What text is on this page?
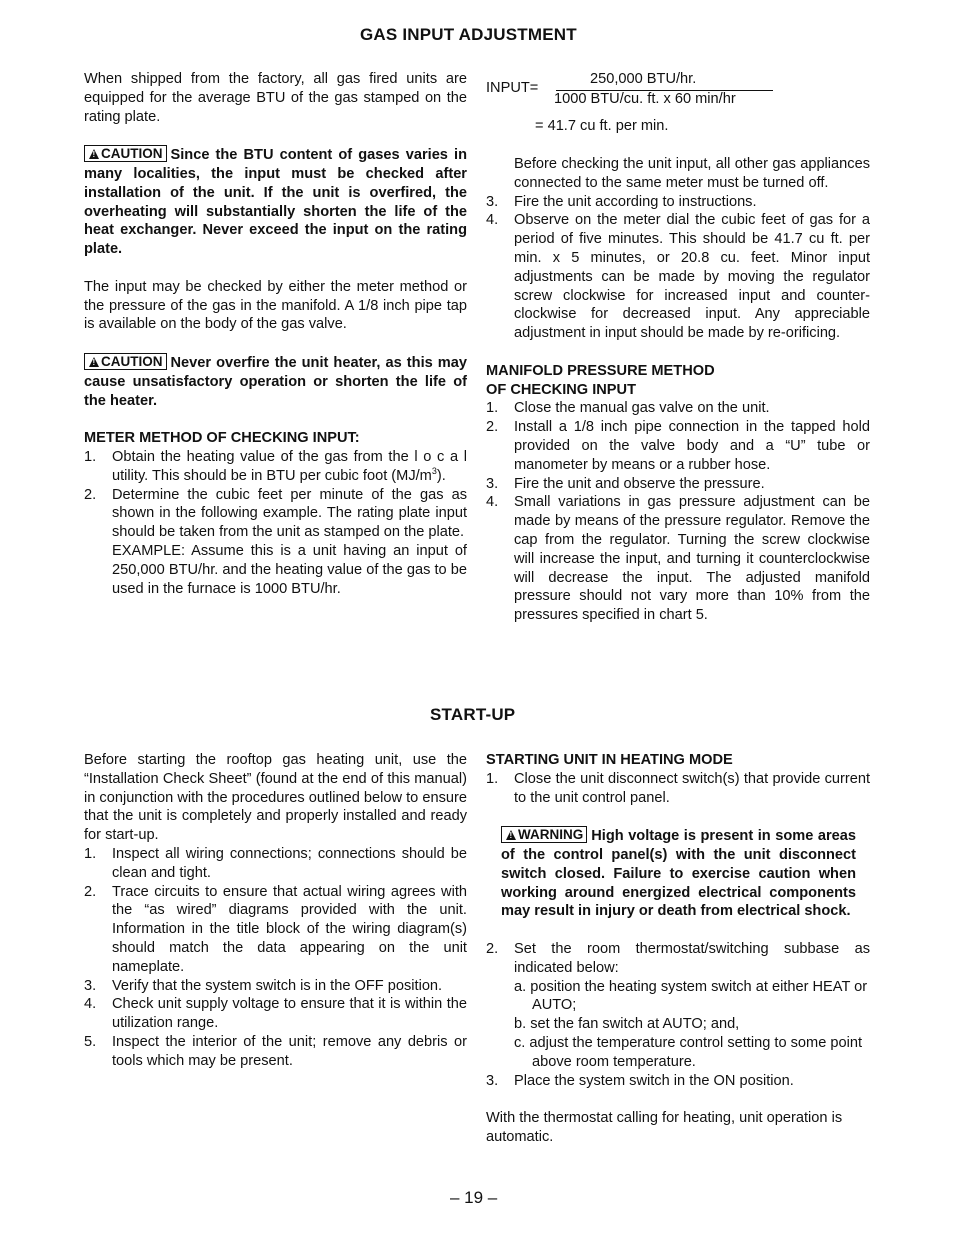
GAS INPUT ADJUSTMENT

When shipped from the factory, all gas fired units are equipped for the average BTU of the gas stamped on the rating plate.

!CAUTION Since the BTU content of gases varies in many localities, the input must be checked after installation of the unit. If the unit is overfired, the overheating will substantially shorten the life of the heat exchanger. Never exceed the input on the rating plate.

The input may be checked by either the meter method or the pressure of the gas in the manifold. A 1/8 inch pipe tap is available on the body of the gas valve.

!CAUTION Never overfire the unit heater, as this may cause unsatisfactory operation or shorten the life of the heater.

METER METHOD OF CHECKING INPUT:

1. Obtain the heating value of the gas from the l o c a l utility. This should be in BTU per cubic foot $(MJ/m^3)$.
2. Determine the cubic feet per minute of the gas as shown in the following example. The rating plate input should be taken from the unit as stamped on the plate.
EXAMPLE: Assume this is a unit having an input of 250,000 BTU/hr. and the heating value of the gas to be used in the furnace is 1000 BTU/hr.
INPUT=
250,000 BTU/hr.
1000 BTU/cu. ft. x 60 min/hr
= 41.7 cu ft. per min.

Before checking the unit input, all other gas appliances connected to the same meter must be turned off.

3. Fire the unit according to instructions.
4. Observe on the meter dial the cubic feet of gas for a period of five minutes. This should be 41.7 cu ft. per min. x 5 minutes, or 20.8 cu. feet. Minor input adjustments can be made by moving the regulator screw clockwise for increased input and counter-clockwise for decreased input. Any appreciable adjustment in input should be made by re-orificing.

MANIFOLD PRESSURE METHOD
OF CHECKING INPUT

1. Close the manual gas valve on the unit.
2. Install a 1/8 inch pipe connection in the tapped hold provided on the valve body and a “U” tube or manometer by means or a rubber hose.
3. Fire the unit and observe the pressure.
4. Small variations in gas pressure adjustment can be made by means of the pressure regulator. Remove the cap from the regulator. Turning the screw clockwise will increase the input, and turning it counterclockwise will decrease the input. The adjusted manifold pressure should not vary more than 10% from the pressures specified in chart 5.
START-UP

Before starting the rooftop gas heating unit, use the “Installation Check Sheet” (found at the end of this manual) in conjunction with the procedures outlined below to ensure that the unit is completely and properly installed and ready for start-up.

1. Inspect all wiring connections; connections should be clean and tight.
2. Trace circuits to ensure that actual wiring agrees with the “as wired” diagrams provided with the unit. Information in the title block of the wiring diagram(s) should match the data appearing on the unit nameplate.
3. Verify that the system switch is in the OFF position.
4. Check unit supply voltage to ensure that it is within the utilization range.
5. Inspect the interior of the unit; remove any debris or tools which may be present.

STARTING UNIT IN HEATING MODE

1. Close the unit disconnect switch(s) that provide current to the unit control panel.

!WARNING High voltage is present in some areas of the control panel(s) with the unit disconnect switch closed. Failure to exercise caution when working around energized electrical components may result in injury or death from electrical shock.

2. Set the room thermostat/switching subbase as indicated below:
a. position the heating system switch at either HEAT or AUTO;
b. set the fan switch at AUTO; and,
c. adjust the temperature control setting to some point above room temperature.
3. Place the system switch in the ON position.

With the thermostat calling for heating, unit operation is automatic.

– 19 –
